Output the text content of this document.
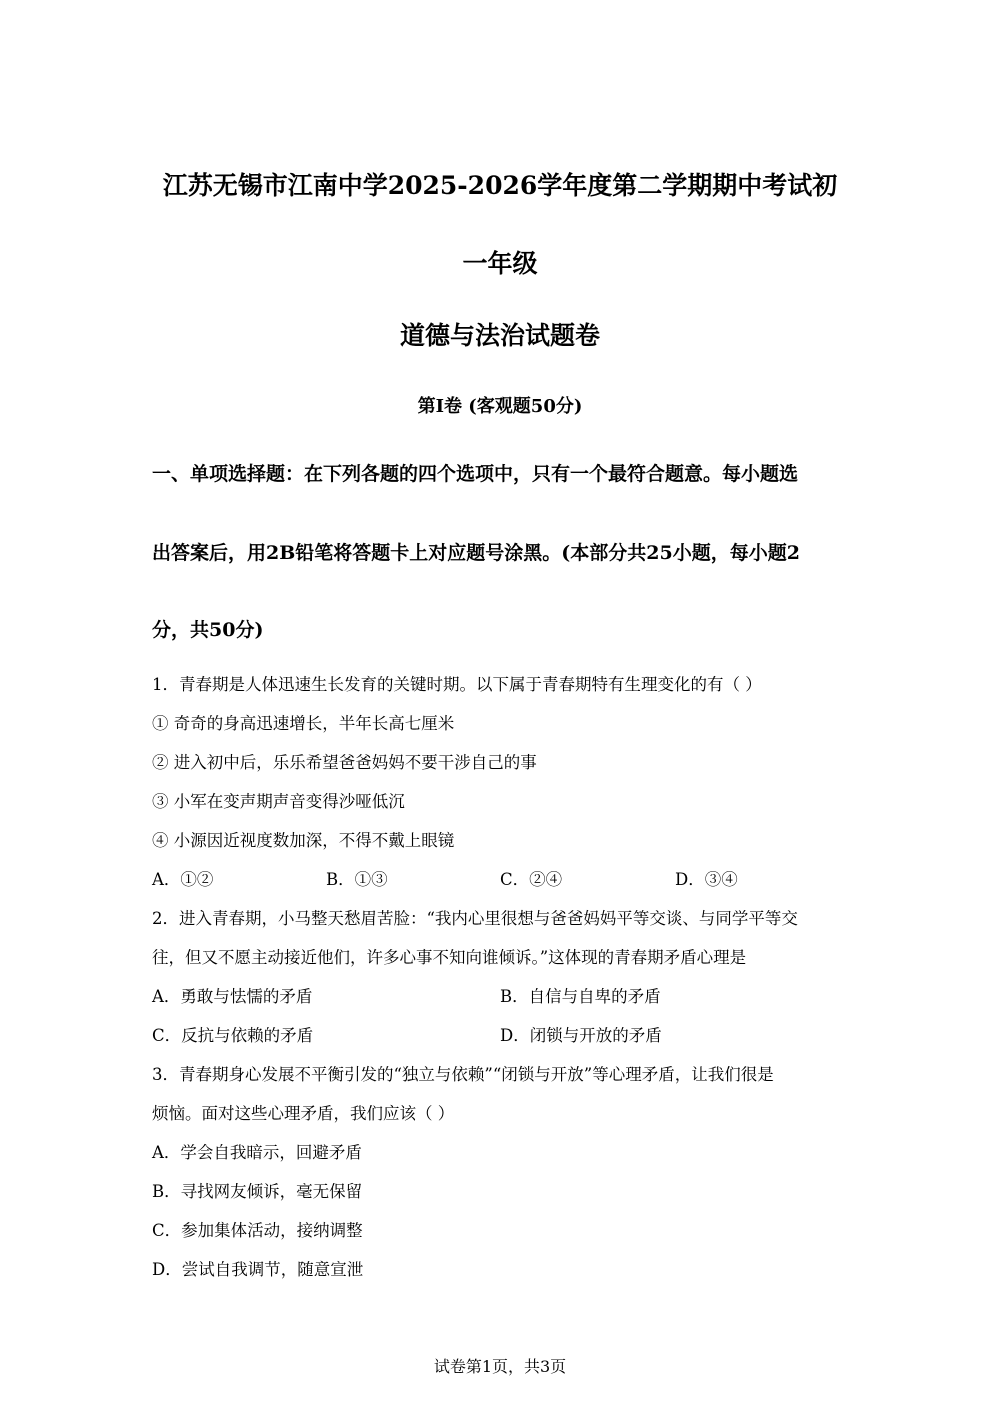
江苏无锡市江南中学2025-2026学年度第二学期期中考试初
一年级
道德与法治试题卷
第I卷 (客观题50分)
一、单项选择题：在下列各题的四个选项中，只有一个最符合题意。每小题选
出答案后，用2B铅笔将答题卡上对应题号涂黑。(本部分共25小题，每小题2
分，共50分)
1．青春期是人体迅速生长发育的关键时期。以下属于青春期特有生理变化的有（ ）
① 奇奇的身高迅速增长，半年长高七厘米
② 进入初中后，乐乐希望爸爸妈妈不要干涉自己的事
③ 小军在变声期声音变得沙哑低沉
④ 小源因近视度数加深，不得不戴上眼镜
A．①②	B．①③	C．②④	D．③④
2．进入青春期，小马整天愁眉苦脸：“我内心里很想与爸爸妈妈平等交谈、与同学平等交
往，但又不愿主动接近他们，许多心事不知向谁倾诉。”这体现的青春期矛盾心理是
A．勇敢与怯懦的矛盾	B．自信与自卑的矛盾
C．反抗与依赖的矛盾	D．闭锁与开放的矛盾
3．青春期身心发展不平衡引发的“独立与依赖”“闭锁与开放”等心理矛盾，让我们很是
烦恼。面对这些心理矛盾，我们应该（ ）
A．学会自我暗示，回避矛盾
B．寻找网友倾诉，毫无保留
C．参加集体活动，接纳调整
D．尝试自我调节，随意宣泄
试卷第1页，共3页
